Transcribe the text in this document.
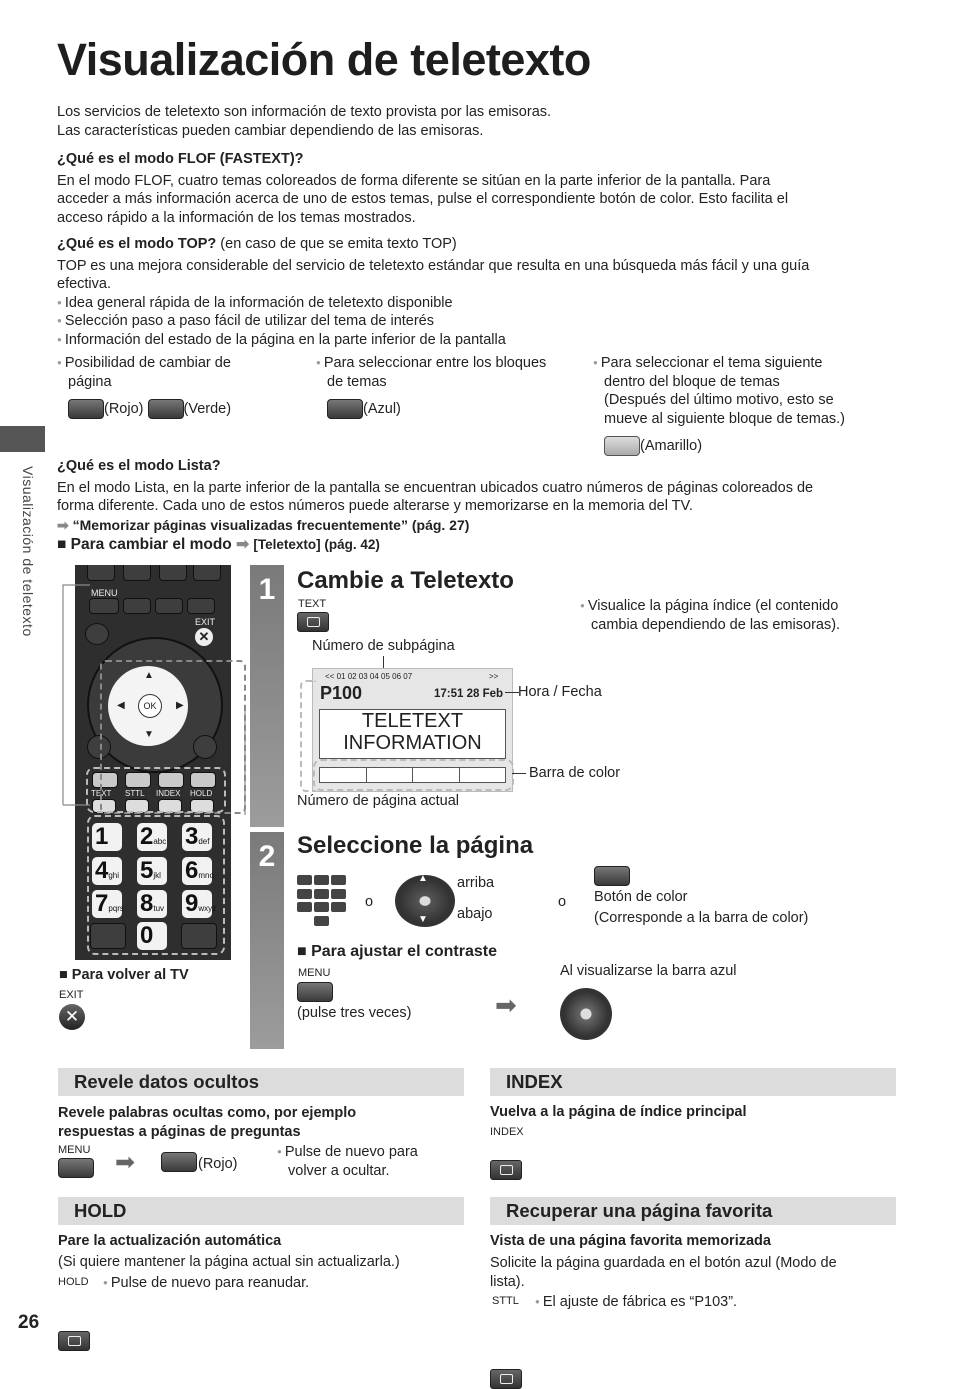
Visualización de teletexto
Los servicios de teletexto son información de texto provista por las emisoras.
Las características pueden cambiar dependiendo de las emisoras.
¿Qué es el modo FLOF (FASTEXT)?
En el modo FLOF, cuatro temas coloreados de forma diferente se sitúan en la parte inferior de la pantalla. Para
acceder a más información acerca de uno de estos temas, pulse el correspondiente botón de color. Esto facilita el
acceso rápido a la información de los temas mostrados.
¿Qué es el modo TOP? (en caso de que se emita texto TOP)
TOP es una mejora considerable del servicio de teletexto estándar que resulta en una búsqueda más fácil y una guía
efectiva.
● Idea general rápida de la información de teletexto disponible
● Selección paso a paso fácil de utilizar del tema de interés
● Información del estado de la página en la parte inferior de la pantalla
● Posibilidad de cambiar de
página
(Rojo)	(Verde)
● Para seleccionar entre los bloques
de temas
(Azul)
● Para seleccionar el tema siguiente
dentro del bloque de temas
(Después del último motivo, esto se
mueve al siguiente bloque de temas.)
(Amarillo)
Visualización de teletexto ¿Qué es el modo Lista?
En el modo Lista, en la parte inferior de la pantalla se encuentran ubicados cuatro números de páginas coloreados de
forma diferente. Cada uno de estos números puede alterarse y memorizarse en la memoria del TV.
➡ “Memorizar páginas visualizadas frecuentemente” (pág. 27)
■ Para cambiar el modo ➡ [Teletexto] (pág. 42)
MENU
EXIT
✕
▲
▼
◀	▶
OK
TEXT STTL INDEX HOLD
1	2abc 3def
4ghi 5jkl 6mno
7pqrs 8tuv 9wxyz
0
■ Para volver al TV
EXIT
✕
1
2
Cambie a Teletexto
TEXT	● Visualice la página índice (el contenido
cambia dependiendo de las emisoras).
Número de subpágina
<< 01 02 03 04 05 06 07	>>
P100	17:51 28 Feb
TELETEXT
INFORMATION
Hora / Fecha
Barra de color
Número de página actual
Seleccione la página
o
▲
▼
arriba
abajo
o Botón de color
(Corresponde a la barra de color)
■ Para ajustar el contraste
Al visualizarse la barra azul
MENU
(pulse tres veces)	➡
Revele datos ocultos
Revele palabras ocultas como, por ejemplo
respuestas a páginas de preguntas
MENU ➡	(Rojo)
● Pulse de nuevo para
volver a ocultar.
INDEX
Vuelva a la página de índice principal
INDEX
HOLD
Pare la actualización automática
(Si quiere mantener la página actual sin actualizarla.)
HOLD	● Pulse de nuevo para reanudar.
Recuperar una página favorita
Vista de una página favorita memorizada
Solicite la página guardada en el botón azul (Modo de
lista).
STTL	● El ajuste de fábrica es “P103”.
26
